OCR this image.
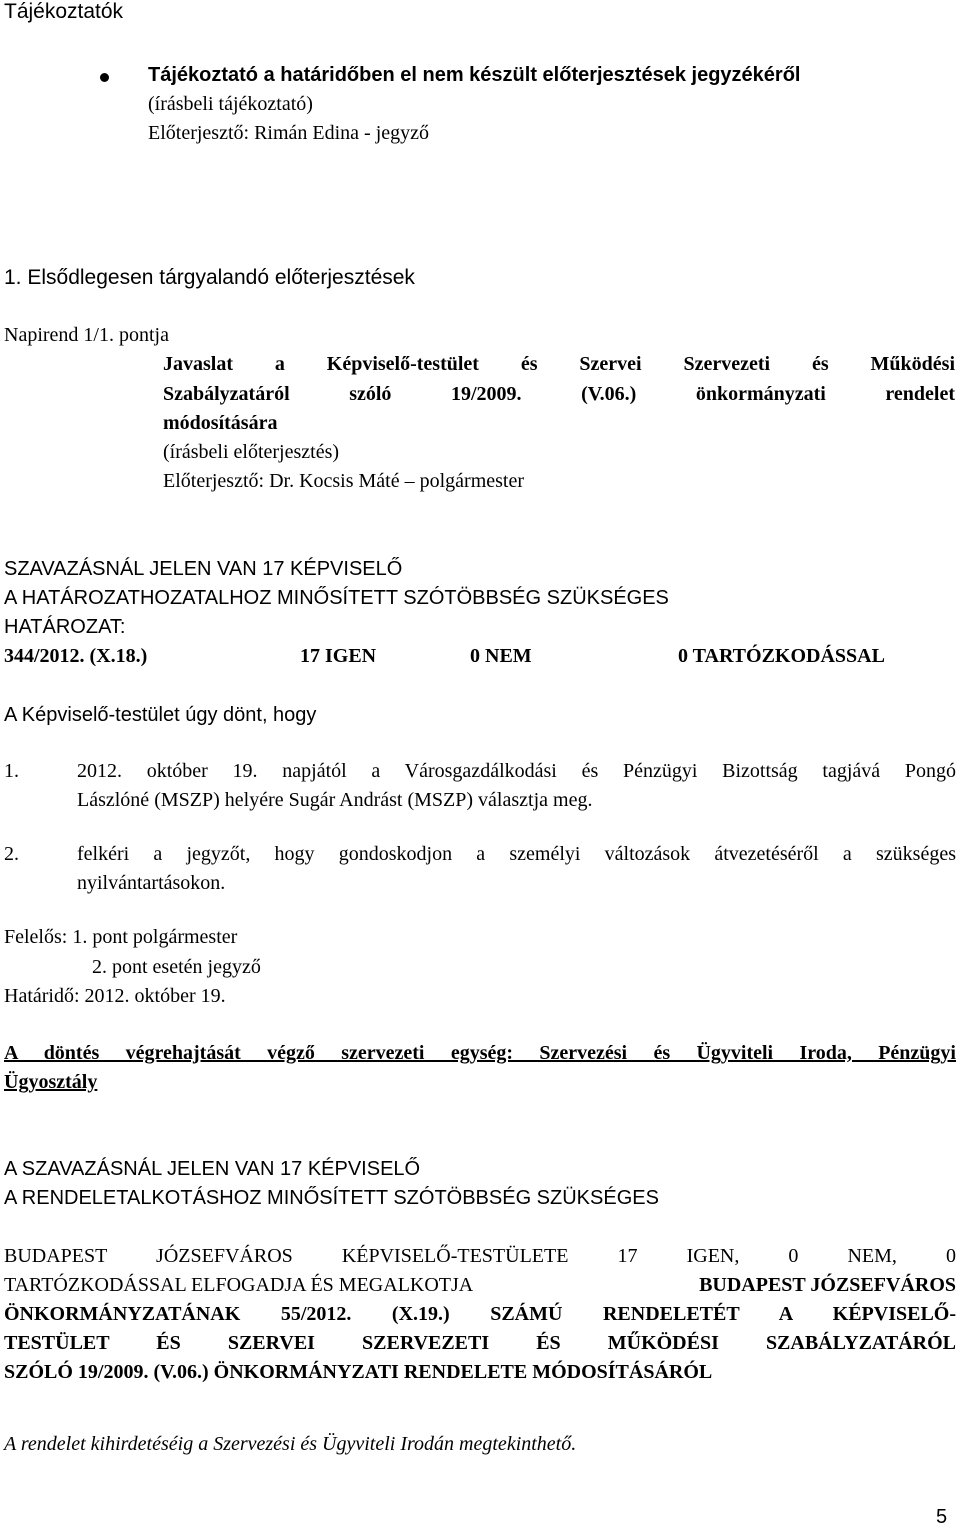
Tájékoztatók
Tájékoztató a határidőben el nem készült előterjesztések jegyzékéről
(írásbeli tájékoztató)
Előterjesztő: Rimán Edina - jegyző
1. Elsődlegesen tárgyalandó előterjesztések
Napirend 1/1. pontja
Javaslat a Képviselő-testület és Szervei Szervezeti és Működési
Szabályzatáról szóló 19/2009. (V.06.) önkormányzati rendelet
módosítására
(írásbeli előterjesztés)
Előterjesztő: Dr. Kocsis Máté – polgármester
SZAVAZÁSNÁL JELEN VAN 17 KÉPVISELŐ
A HATÁROZATHOZATALHOZ MINŐSÍTETT SZÓTÖBBSÉG SZÜKSÉGES
HATÁROZAT:
344/2012. (X.18.)	17 IGEN	0 NEM	0 TARTÓZKODÁSSAL
A Képviselő-testület úgy dönt, hogy
1.	2012. október 19. napjától a Városgazdálkodási és Pénzügyi Bizottság tagjává Pongó
Lászlóné (MSZP) helyére Sugár Andrást (MSZP) választja meg.
2.	felkéri a jegyzőt, hogy gondoskodjon a személyi változások átvezetéséről a szükséges
nyilvántartásokon.
Felelős: 1. pont polgármester
2. pont esetén jegyző
Határidő: 2012. október 19.
A döntés végrehajtását végző szervezeti egység: Szervezési és Ügyviteli Iroda, Pénzügyi
Ügyosztály
A SZAVAZÁSNÁL JELEN VAN 17 KÉPVISELŐ
A RENDELETALKOTÁSHOZ MINŐSÍTETT SZÓTÖBBSÉG SZÜKSÉGES
BUDAPEST JÓZSEFVÁROS KÉPVISELŐ-TESTÜLETE 17 IGEN, 0 NEM, 0
TARTÓZKODÁSSAL ELFOGADJA ÉS MEGALKOTJA	BUDAPEST JÓZSEFVÁROS
ÖNKORMÁNYZATÁNAK 55/2012. (X.19.) SZÁMÚ RENDELETÉT A KÉPVISELŐ-
TESTÜLET ÉS SZERVEI SZERVEZETI ÉS MŰKÖDÉSI SZABÁLYZATÁRÓL
SZÓLÓ 19/2009. (V.06.) ÖNKORMÁNYZATI RENDELETE MÓDOSÍTÁSÁRÓL
A rendelet kihirdetéséig a Szervezési és Ügyviteli Irodán megtekinthető.
5
